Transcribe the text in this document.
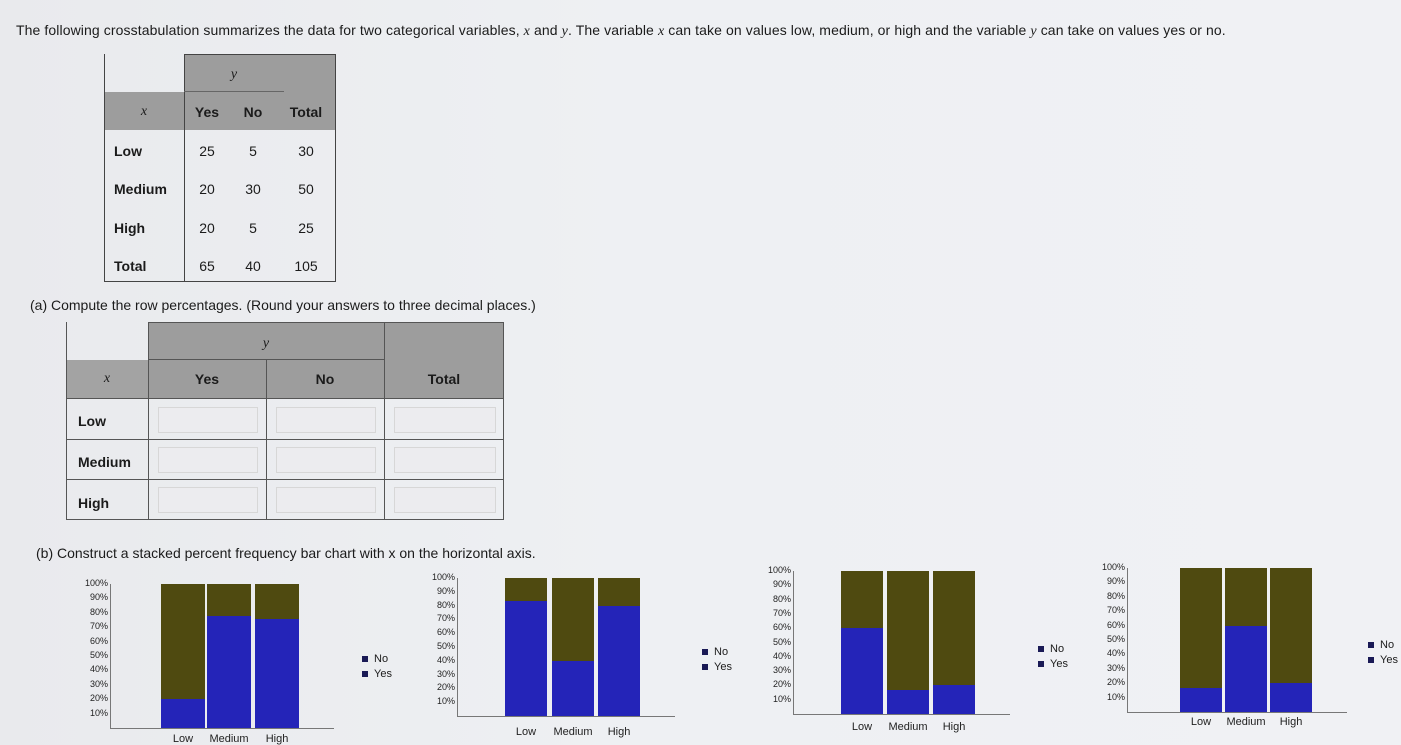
The following crosstabulation summarizes the data for two categorical variables, x and y. The variable x can take on values low, medium, or high and the variable y can take on values yes or no.
y
x	Yes	No	Total
Low	25	5	30
Medium	20	30	50
High	20	5	25
Total	65	40	105
(a) Compute the row percentages. (Round your answers to three decimal places.)
y
x	Yes	No	Total
Low
Medium
High
(b) Construct a stacked percent frequency bar chart with x on the horizontal axis.
100%
90%
80%
70%
60%
50%
40%
30%
20%
10%
Low	Medium	High
No
Yes
100%
90%
80%
70%
60%
50%
40%
30%
20%
10%
Low	Medium	High
No
Yes
100%
90%
80%
70%
60%
50%
40%
30%
20%
10%
Low	Medium	High
No
Yes
100%
90%
80%
70%
60%
50%
40%
30%
20%
10%
Low	Medium	High
No
Yes
